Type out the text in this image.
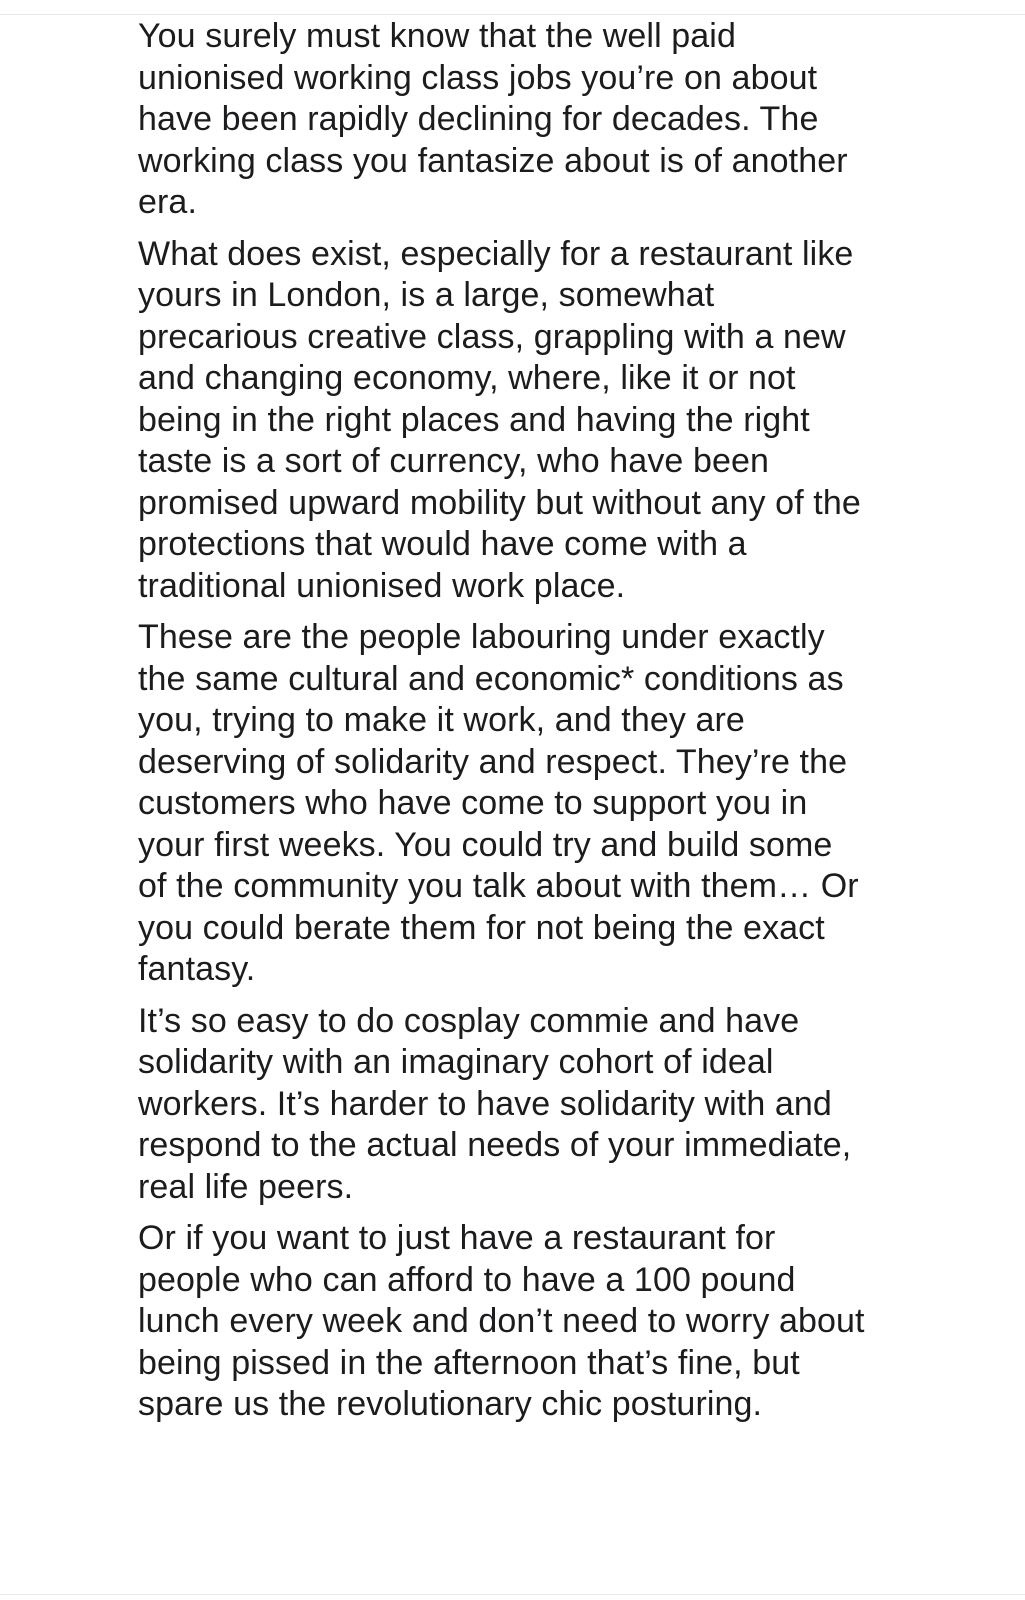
You surely must know that the well paid unionised working class jobs you’re on about have been rapidly declining for decades. The working class you fantasize about is of another era.

What does exist, especially for a restaurant like yours in London, is a large, somewhat precarious creative class, grappling with a new and changing economy, where, like it or not being in the right places and having the right taste is a sort of currency, who have been promised upward mobility but without any of the protections that would have come with a traditional unionised work place.

These are the people labouring under exactly the same cultural and economic* conditions as you, trying to make it work, and they are deserving of solidarity and respect. They’re the customers who have come to support you in your first weeks. You could try and build some of the community you talk about with them… Or you could berate them for not being the exact fantasy.

It’s so easy to do cosplay commie and have solidarity with an imaginary cohort of ideal workers. It’s harder to have solidarity with and respond to the actual needs of your immediate, real life peers.

Or if you want to just have a restaurant for people who can afford to have a 100 pound lunch every week and don’t need to worry about being pissed in the afternoon that’s fine, but spare us the revolutionary chic posturing.
